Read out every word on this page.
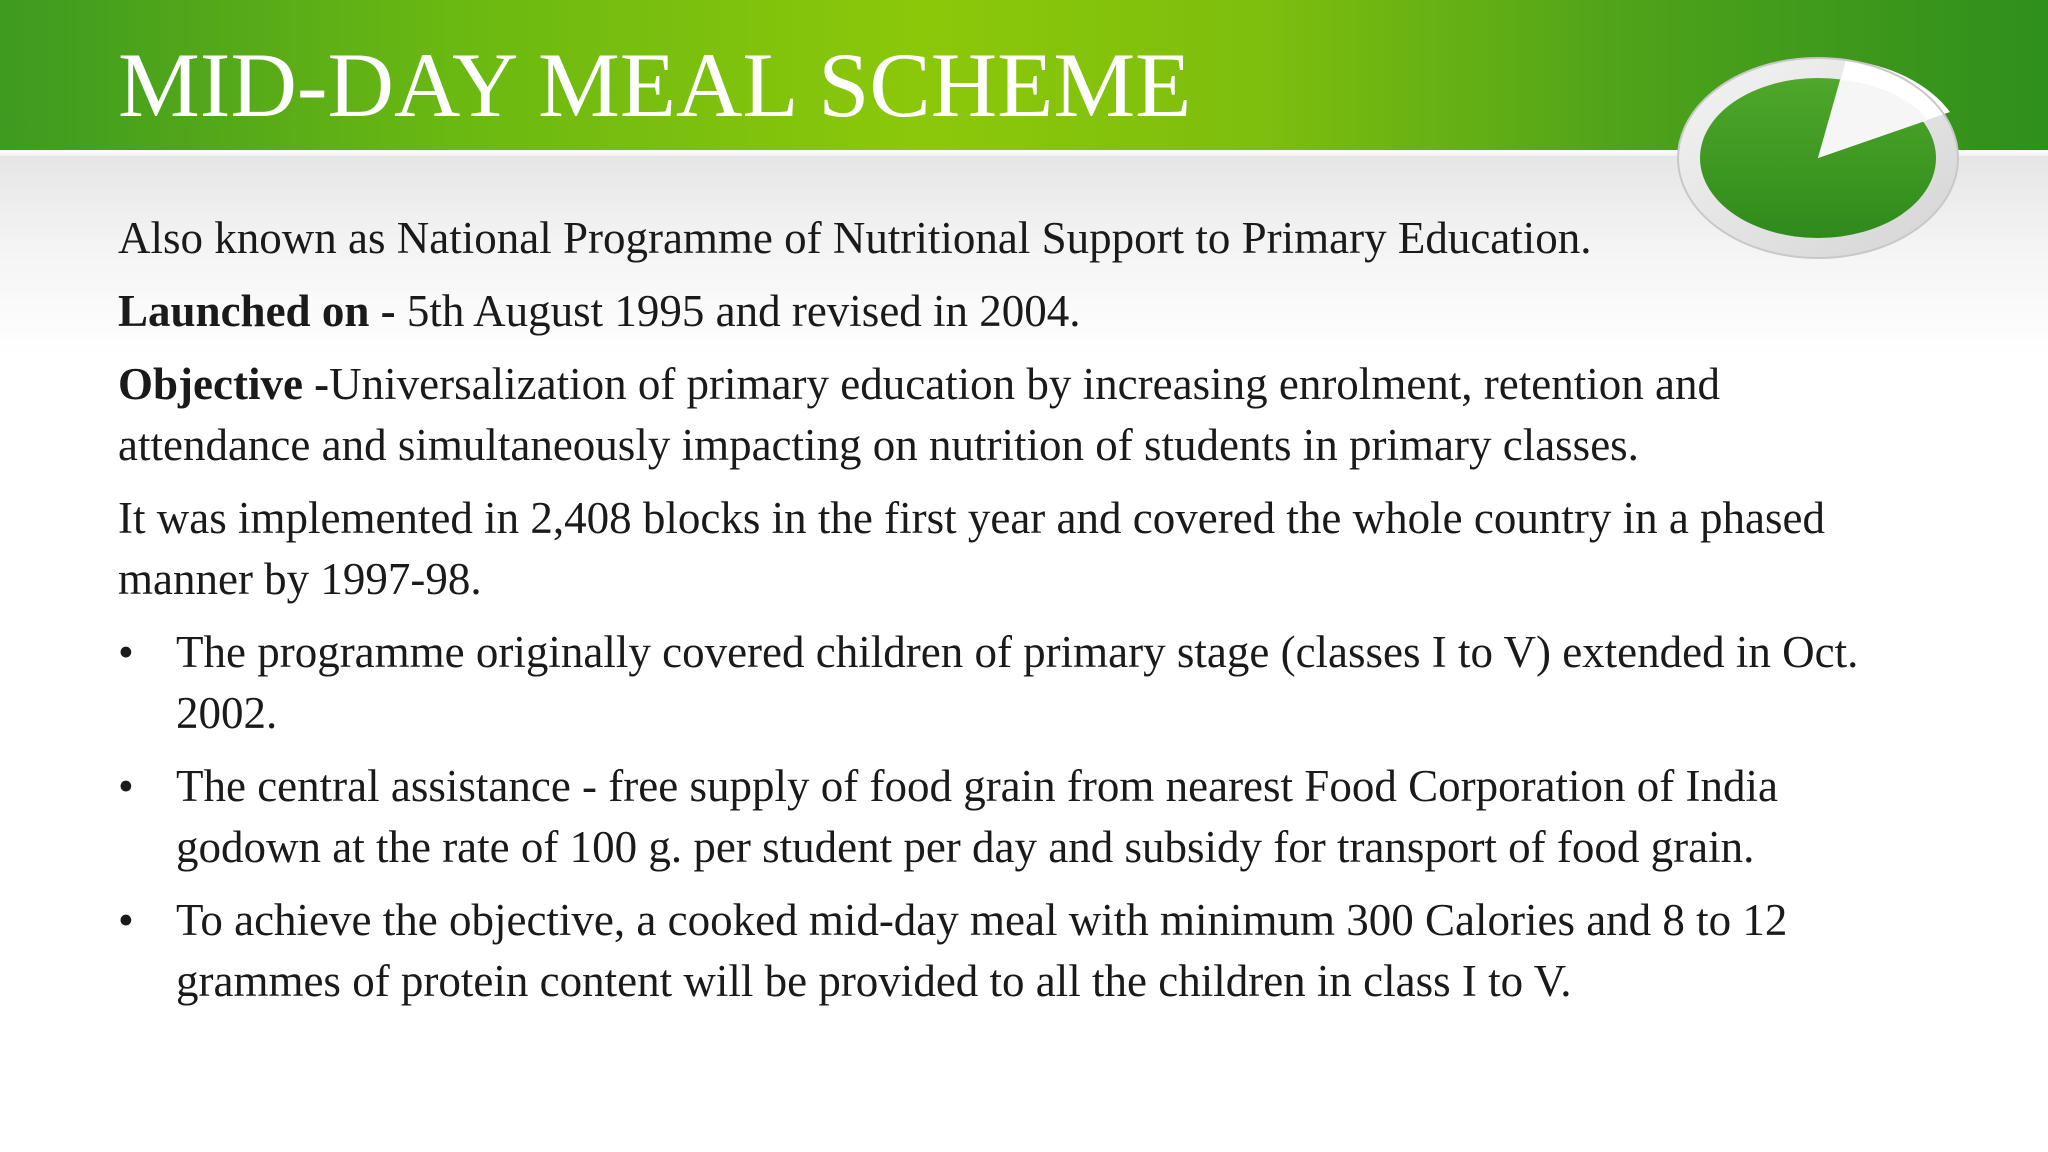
MID-DAY MEAL SCHEME

Also known as National Programme of Nutritional Support to Primary Education.

Launched on - 5th August 1995 and revised in 2004.

Objective -Universalization of primary education by increasing enrolment, retention and attendance and simultaneously impacting on nutrition of students in primary classes.

It was implemented in 2,408 blocks in the first year and covered the whole country in a phased manner by 1997-98.

• The programme originally covered children of primary stage (classes I to V) extended in Oct. 2002.
• The central assistance - free supply of food grain from nearest Food Corporation of India godown at the rate of 100 g. per student per day and subsidy for transport of food grain.
• To achieve the objective, a cooked mid-day meal with minimum 300 Calories and 8 to 12 grammes of protein content will be provided to all the children in class I to V.
